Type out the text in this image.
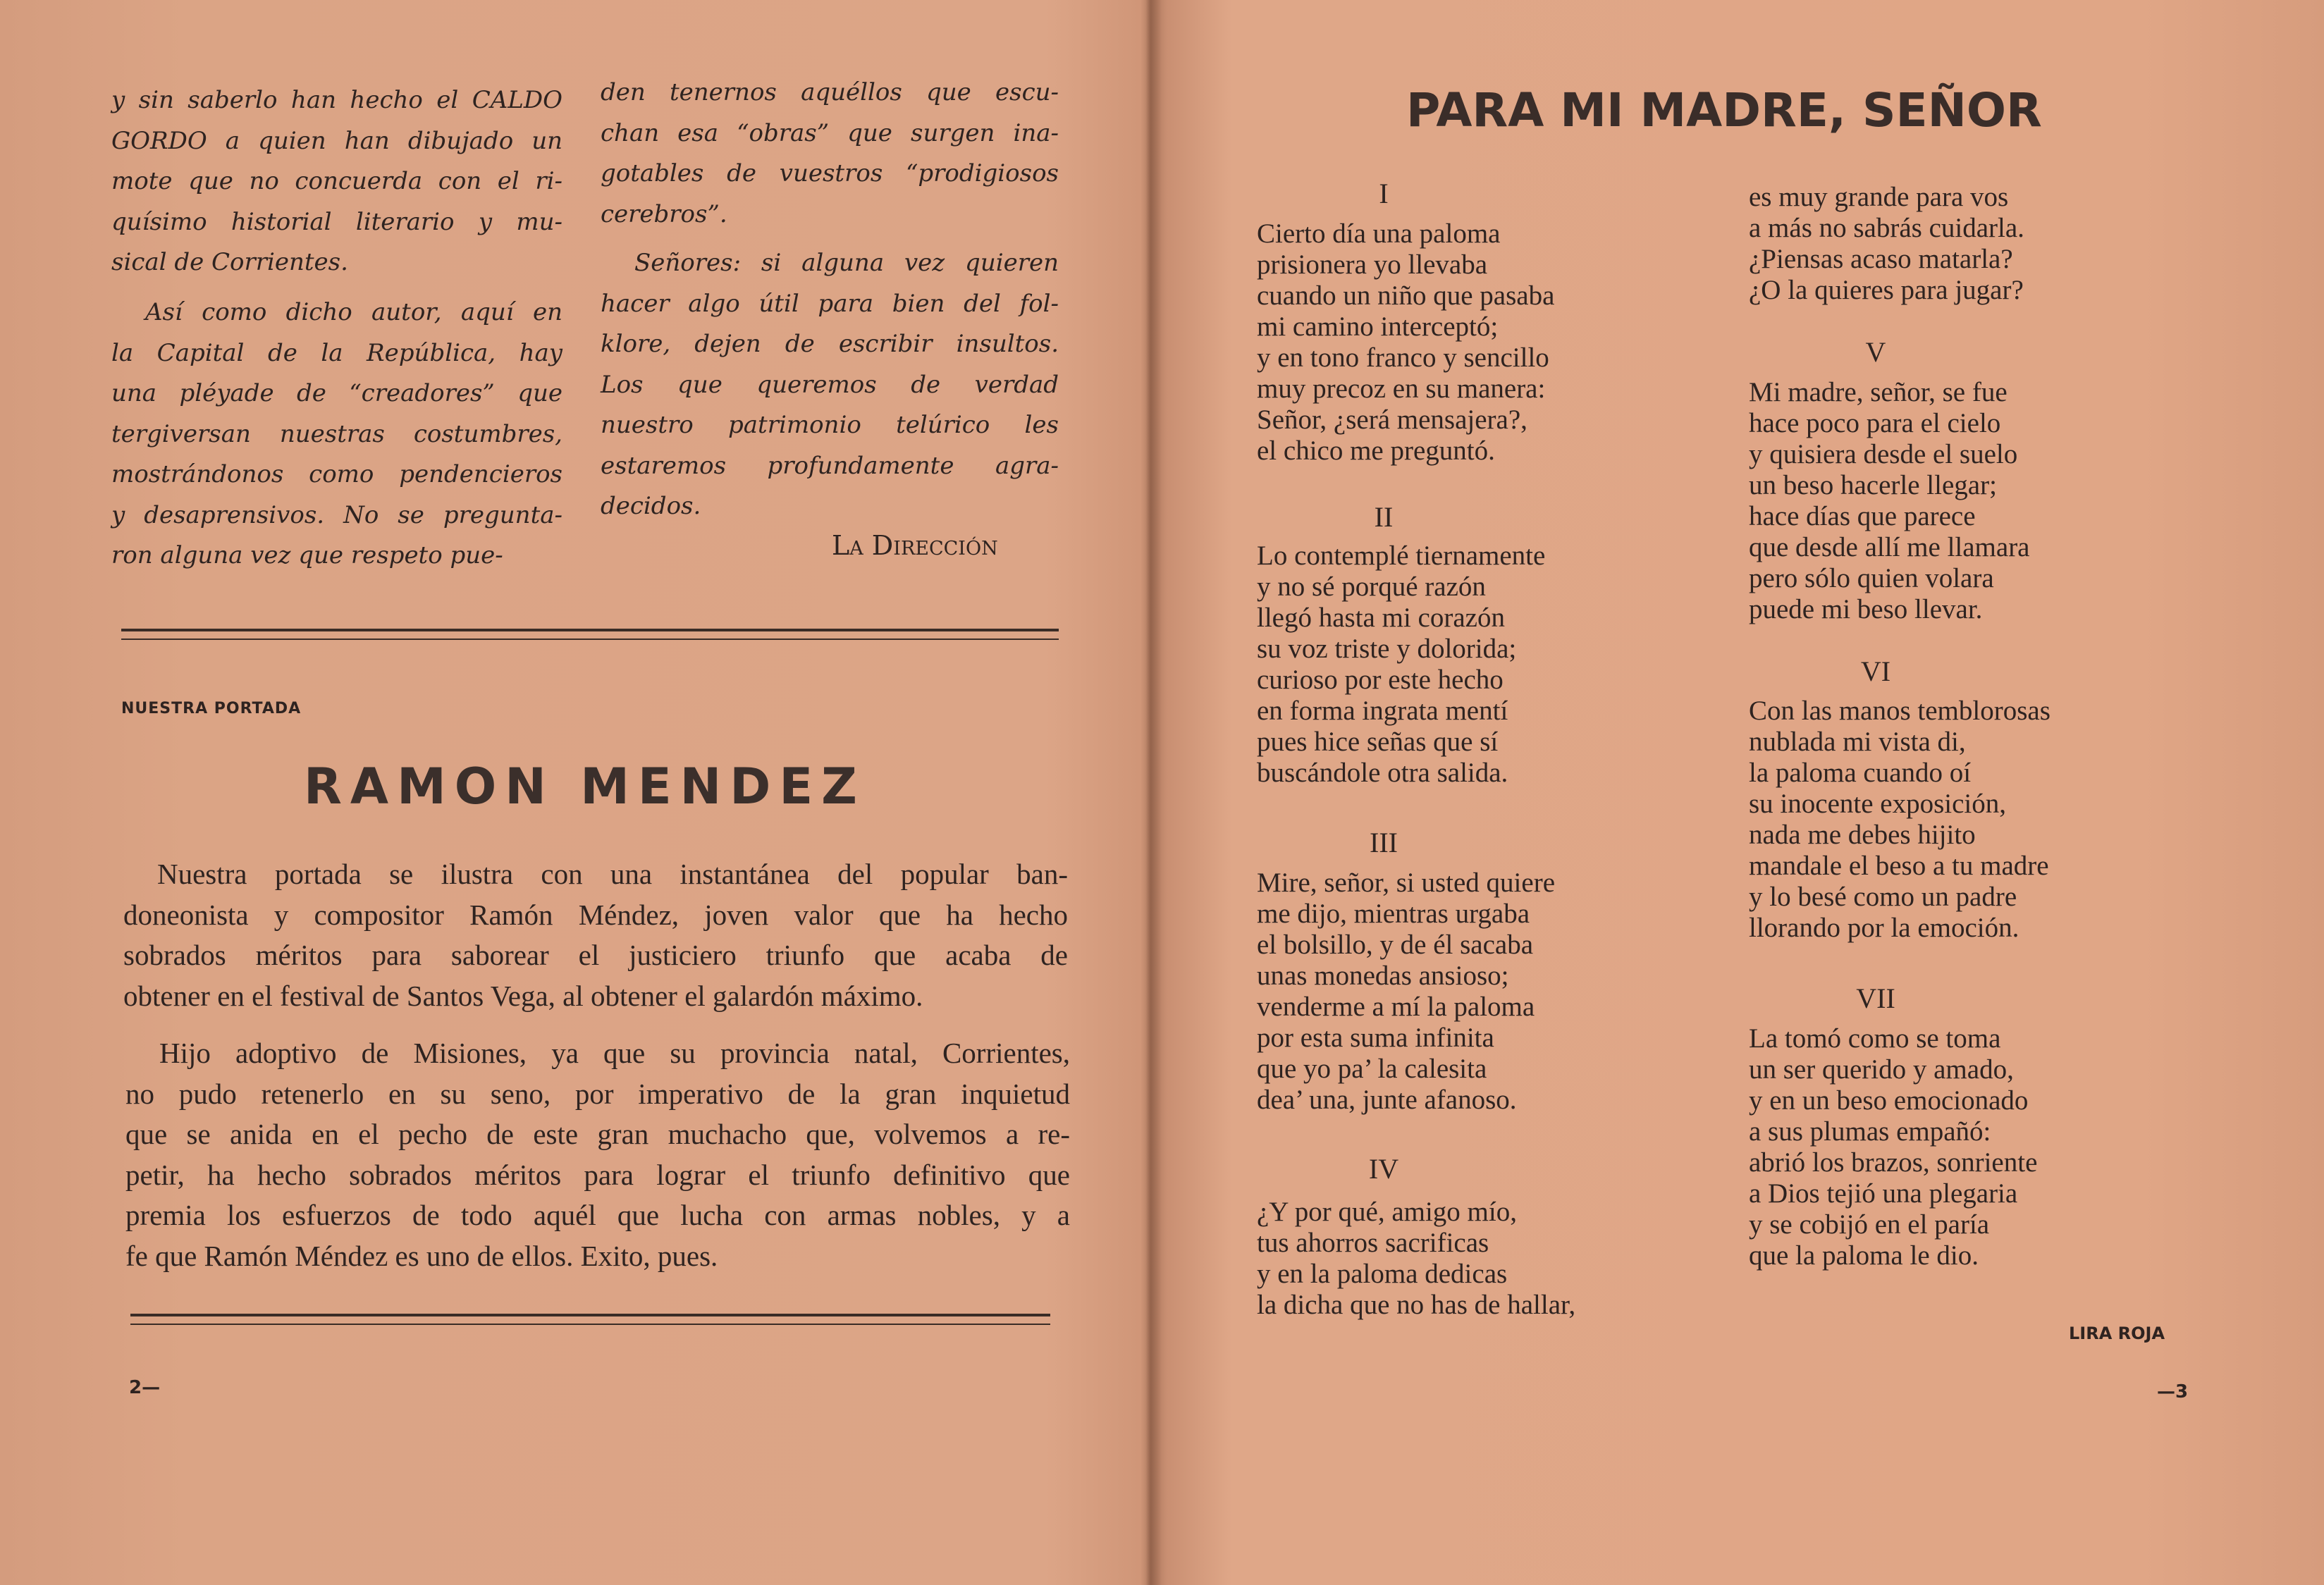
y sin saberlo han hecho el CALDO
GORDO a quien han dibujado un
mote que no concuerda con el ri-
quísimo historial literario y mu-
sical de Corrientes.
Así como dicho autor, aquí en
la Capital de la República, hay
una pléyade de “creadores” que
tergiversan nuestras costumbres,
mostrándonos como pendencieros
y desaprensivos. No se pregunta-
ron alguna vez que respeto pue-
den tenernos aquéllos que escu-
chan esa “obras” que surgen ina-
gotables de vuestros “prodigiosos
cerebros”.
Señores: si alguna vez quieren
hacer algo útil para bien del fol-
klore, dejen de escribir insultos.
Los que queremos de verdad
nuestro patrimonio telúrico les
estaremos profundamente agra-
decidos.
La Dirección
NUESTRA PORTADA
RAMON MENDEZ
Nuestra portada se ilustra con una instantánea del popular ban-
doneonista y compositor Ramón Méndez, joven valor que ha hecho
sobrados méritos para saborear el justiciero triunfo que acaba de
obtener en el festival de Santos Vega, al obtener el galardón máximo.
Hijo adoptivo de Misiones, ya que su provincia natal, Corrientes,
no pudo retenerlo en su seno, por imperativo de la gran inquietud
que se anida en el pecho de este gran muchacho que, volvemos a re-
petir, ha hecho sobrados méritos para lograr el triunfo definitivo que
premia los esfuerzos de todo aquél que lucha con armas nobles, y a
fe que Ramón Méndez es uno de ellos. Exito, pues.
2—
PARA MI MADRE, SEÑOR
I
Cierto día una paloma
prisionera yo llevaba
cuando un niño que pasaba
mi camino interceptó;
y en tono franco y sencillo
muy precoz en su manera:
Señor, ¿será mensajera?,
el chico me preguntó.
II
Lo contemplé tiernamente
y no sé porqué razón
llegó hasta mi corazón
su voz triste y dolorida;
curioso por este hecho
en forma ingrata mentí
pues hice señas que sí
buscándole otra salida.
III
Mire, señor, si usted quiere
me dijo, mientras urgaba
el bolsillo, y de él sacaba
unas monedas ansioso;
venderme a mí la paloma
por esta suma infinita
que yo pa’ la calesita
dea’ una, junte afanoso.
IV
¿Y por qué, amigo mío,
tus ahorros sacrificas
y en la paloma dedicas
la dicha que no has de hallar,
es muy grande para vos
a más no sabrás cuidarla.
¿Piensas acaso matarla?
¿O la quieres para jugar?
V
Mi madre, señor, se fue
hace poco para el cielo
y quisiera desde el suelo
un beso hacerle llegar;
hace días que parece
que desde allí me llamara
pero sólo quien volara
puede mi beso llevar.
VI
Con las manos temblorosas
nublada mi vista di,
la paloma cuando oí
su inocente exposición,
nada me debes hijito
mandale el beso a tu madre
y lo besé como un padre
llorando por la emoción.
VII
La tomó como se toma
un ser querido y amado,
y en un beso emocionado
a sus plumas empañó:
abrió los brazos, sonriente
a Dios tejió una plegaria
y se cobijó en el paría
que la paloma le dio.
LIRA ROJA
—3
